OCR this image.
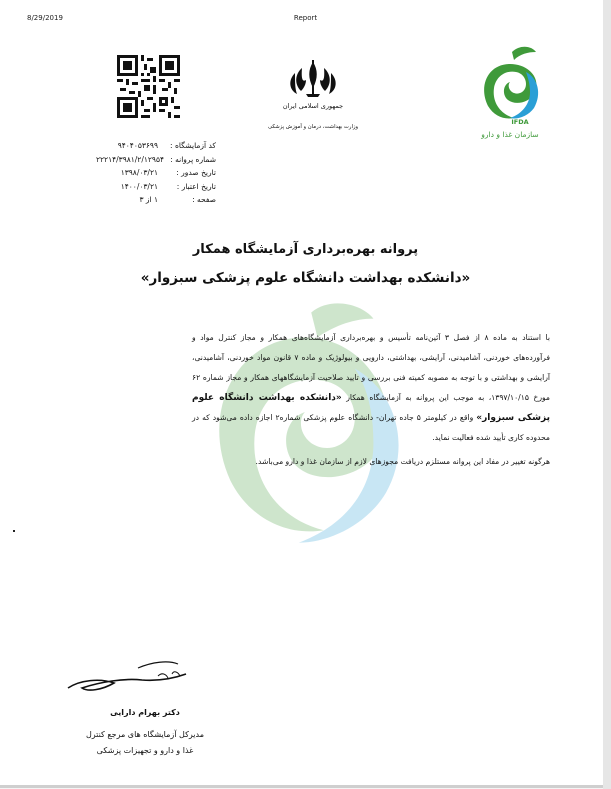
8/29/2019	Report
کد آزمایشگاه :
۹۴۰۴۰۵۳۶۹۹
شماره پروانه :
۲۲۲۱۴/۳۹۸۱/۲/۱۲۹۵۴
تاریخ صدور :
۱۳۹۸/۰۳/۲۱
تاریخ اعتبار :
۱۴۰۰/۰۳/۲۱
صفحه :
۱ از ۳
جمهوری اسلامی ایران
وزارت بهداشت، درمان و آموزش پزشکی
IFDA
سازمان غذا و دارو
پروانه بهره‌برداری آزمایشگاه همکار
«دانشکده بهداشت دانشگاه علوم پزشکی سبزوار»

با استناد به ماده ۸ از فصل ۳ آئین‌نامه تأسیس و بهره‌برداری آزمایشگاه‌های همکار و مجاز کنترل مواد و فرآورده‌های خوردنی، آشامیدنی، آرایشی، بهداشتی، دارویی و بیولوژیک و ماده ۷ قانون مواد خوردنی، آشامیدنی، آرایشی و بهداشتی و با توجه به مصوبه کمیته فنی بررسی و تایید صلاحیت آزمایشگاههای همکار و مجاز شماره ۶۲ مورخ ۱۳۹۷/۱۰/۱۵، به موجب این پروانه به آزمایشگاه همکار «دانشکده بهداشت دانشگاه علوم پزشکی سبزوار» واقع در کیلومتر ۵ جاده تهران- دانشگاه علوم پزشکی شماره۲ اجازه داده می‌شود که در محدوده کاری تأیید شده فعالیت نماید.

هرگونه تغییر در مفاد این پروانه مستلزم دریافت مجوزهای لازم از سازمان غذا و دارو می‌باشد.

دکتر بهرام دارایی
مدیرکل آزمایشگاه های مرجع کنترل
غذا و دارو و تجهیزات پزشکی
